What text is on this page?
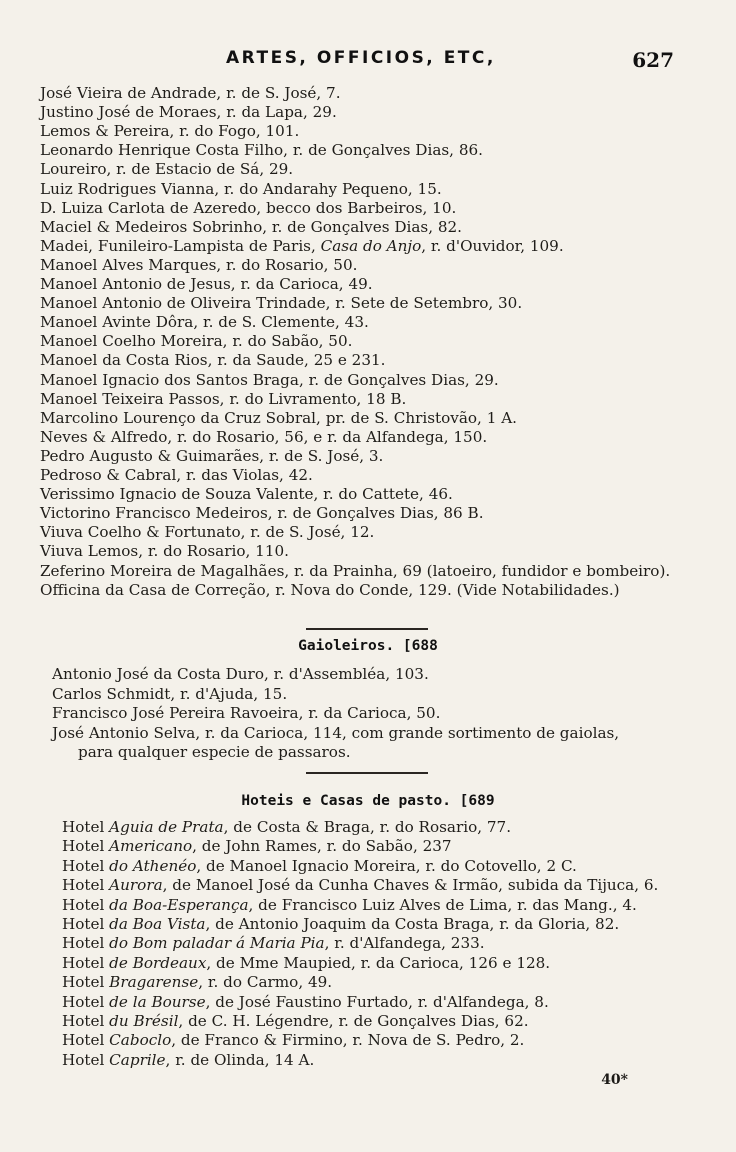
ARTES, OFFICIOS, ETC,	627
José Vieira de Andrade, r. de S. José, 7.
Justino José de Moraes, r. da Lapa, 29.
Lemos & Pereira, r. do Fogo, 101.
Leonardo Henrique Costa Filho, r. de Gonçalves Dias, 86.
Loureiro, r. de Estacio de Sá, 29.
Luiz Rodrigues Vianna, r. do Andarahy Pequeno, 15.
D. Luiza Carlota de Azeredo, becco dos Barbeiros, 10.
Maciel & Medeiros Sobrinho, r. de Gonçalves Dias, 82.
Madei, Funileiro-Lampista de Paris, Casa do Anjo, r. d'Ouvidor, 109.
Manoel Alves Marques, r. do Rosario, 50.
Manoel Antonio de Jesus, r. da Carioca, 49.
Manoel Antonio de Oliveira Trindade, r. Sete de Setembro, 30.
Manoel Avinte Dôra, r. de S. Clemente, 43.
Manoel Coelho Moreira, r. do Sabão, 50.
Manoel da Costa Rios, r. da Saude, 25 e 231.
Manoel Ignacio dos Santos Braga, r. de Gonçalves Dias, 29.
Manoel Teixeira Passos, r. do Livramento, 18 B.
Marcolino Lourenço da Cruz Sobral, pr. de S. Christovão, 1 A.
Neves & Alfredo, r. do Rosario, 56, e r. da Alfandega, 150.
Pedro Augusto & Guimarães, r. de S. José, 3.
Pedroso & Cabral, r. das Violas, 42.
Verissimo Ignacio de Souza Valente, r. do Cattete, 46.
Victorino Francisco Medeiros, r. de Gonçalves Dias, 86 B.
Viuva Coelho & Fortunato, r. de S. José, 12.
Viuva Lemos, r. do Rosario, 110.
Zeferino Moreira de Magalhães, r. da Prainha, 69 (latoeiro, fundidor e bombeiro).
Officina da Casa de Correção, r. Nova do Conde, 129. (Vide Notabilidades.)
Gaioleiros. [688
Antonio José da Costa Duro, r. d'Assembléa, 103.
Carlos Schmidt, r. d'Ajuda, 15.
Francisco José Pereira Ravoeira, r. da Carioca, 50.
José Antonio Selva, r. da Carioca, 114, com grande sortimento de gaiolas,
para qualquer especie de passaros.
Hoteis e Casas de pasto. [689
Hotel Aguia de Prata, de Costa & Braga, r. do Rosario, 77.
Hotel Americano, de John Rames, r. do Sabão, 237
Hotel do Athenéo, de Manoel Ignacio Moreira, r. do Cotovello, 2 C.
Hotel Aurora, de Manoel José da Cunha Chaves & Irmão, subida da Tijuca, 6.
Hotel da Boa-Esperança, de Francisco Luiz Alves de Lima, r. das Mang., 4.
Hotel da Boa Vista, de Antonio Joaquim da Costa Braga, r. da Gloria, 82.
Hotel do Bom paladar á Maria Pia, r. d'Alfandega, 233.
Hotel de Bordeaux, de Mme Maupied, r. da Carioca, 126 e 128.
Hotel Bragarense, r. do Carmo, 49.
Hotel de la Bourse, de José Faustino Furtado, r. d'Alfandega, 8.
Hotel du Brésil, de C. H. Légendre, r. de Gonçalves Dias, 62.
Hotel Caboclo, de Franco & Firmino, r. Nova de S. Pedro, 2.
Hotel Caprile, r. de Olinda, 14 A.
40*
